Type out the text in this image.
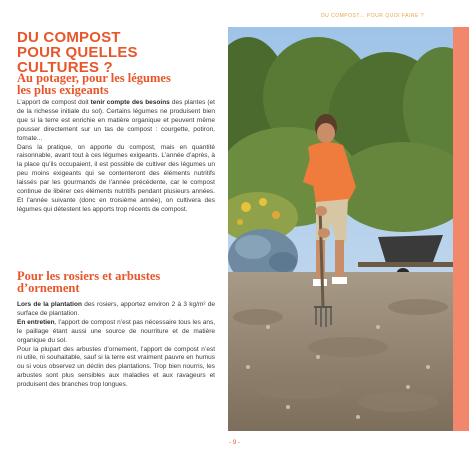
DU COMPOST... POUR QUOI FAIRE ?
DU COMPOST
POUR QUELLES CULTURES ?
Au potager, pour les légumes
les plus exigeants

L’apport de compost doit tenir compte des besoins des plantes (et de la richesse initiale du sol). Certains légumes ne produisent bien que si la terre est enrichie en matière organique et peuvent même pousser directement sur un tas de compost : courgette, potiron, tomate...

Dans la pratique, on apporte du compost, mais en quantité raisonnable, avant tout à ces légumes exigeants. L’année d’après, à la place qu’ils occupaient, il est possible de cultiver des légumes un peu moins exigeants qui se contenteront des éléments nutritifs laissés par les gourmands de l’année précédente, car le compost continue de libérer ces éléments nutritifs pendant plusieurs années. Et l’année suivante (donc en troisième année), on cultivera des légumes qui détestent les apports trop récents de compost.

Pour les rosiers et arbustes
d’ornement

Lors de la plantation des rosiers, apportez environ 2 à 3 kg/m² de surface de plantation.

En entretien, l’apport de compost n’est pas nécessaire tous les ans, le paillage étant aussi une source de nourriture et de matière organique du sol.

Pour la plupart des arbustes d’ornement, l’apport de compost n’est ni utile, ni souhaitable, sauf si la terre est vraiment pauvre en humus ou si vous observez un déclin des plantations. Trop bien nourris, les arbustes sont plus sensibles aux maladies et aux ravageurs et produisent des branches trop longues.

- 9 -
